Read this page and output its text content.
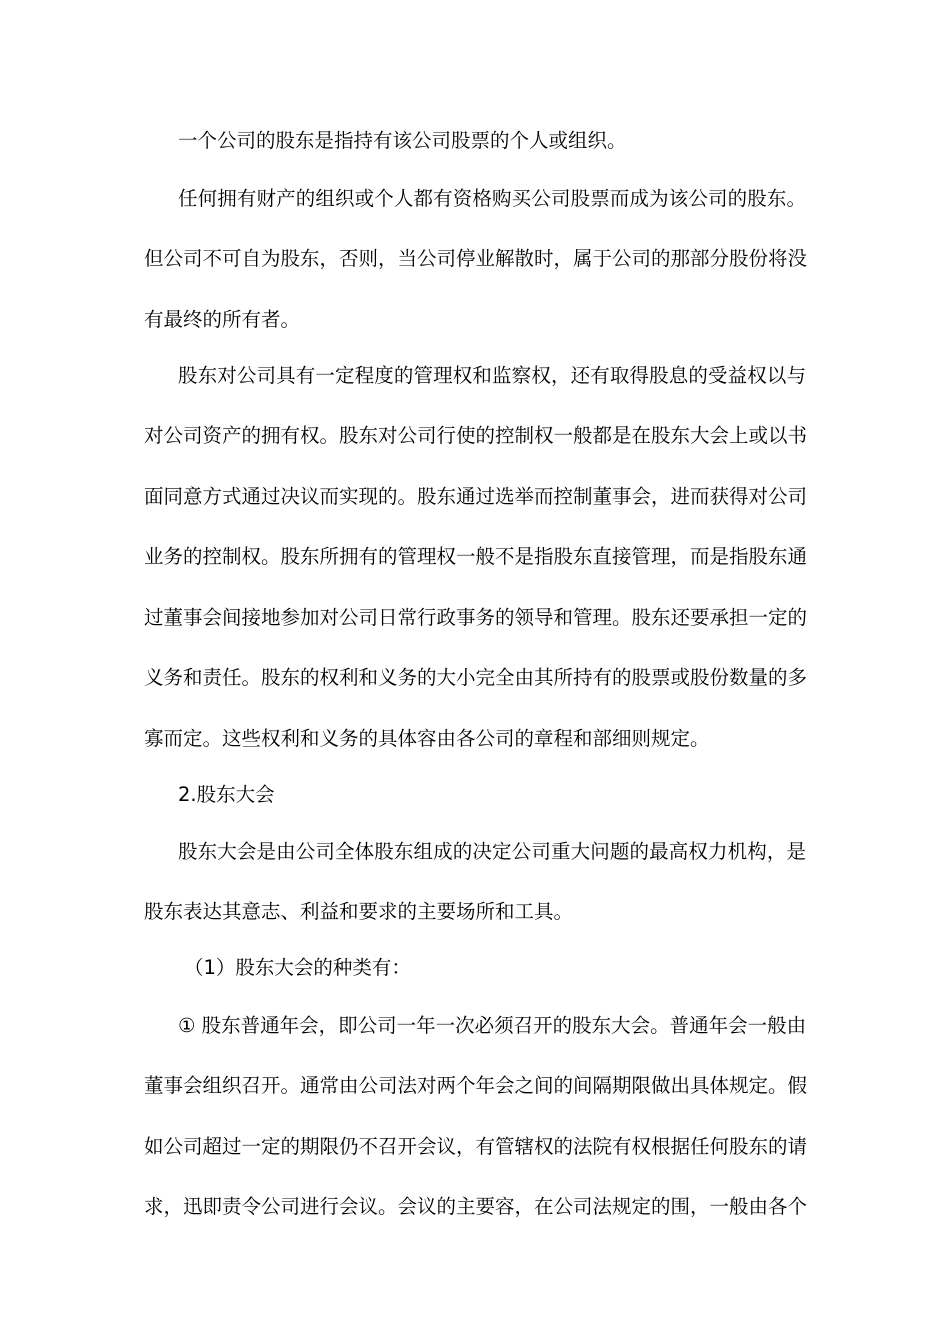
一个公司的股东是指持有该公司股票的个人或组织。
任何拥有财产的组织或个人都有资格购买公司股票而成为该公司的股东。
但公司不可自为股东，否则，当公司停业解散时，属于公司的那部分股份将没
有最终的所有者。
股东对公司具有一定程度的管理权和监察权，还有取得股息的受益权以与
对公司资产的拥有权。股东对公司行使的控制权一般都是在股东大会上或以书
面同意方式通过决议而实现的。股东通过选举而控制董事会，进而获得对公司
业务的控制权。股东所拥有的管理权一般不是指股东直接管理，而是指股东通
过董事会间接地参加对公司日常行政事务的领导和管理。股东还要承担一定的
义务和责任。股东的权利和义务的大小完全由其所持有的股票或股份数量的多
寡而定。这些权利和义务的具体容由各公司的章程和部细则规定。
2.股东大会
股东大会是由公司全体股东组成的决定公司重大问题的最高权力机构，是
股东表达其意志、利益和要求的主要场所和工具。
（1）股东大会的种类有：
① 股东普通年会，即公司一年一次必须召开的股东大会。普通年会一般由
董事会组织召开。通常由公司法对两个年会之间的间隔期限做出具体规定。假
如公司超过一定的期限仍不召开会议，有管辖权的法院有权根据任何股东的请
求，迅即责令公司进行会议。会议的主要容，在公司法规定的围，一般由各个
